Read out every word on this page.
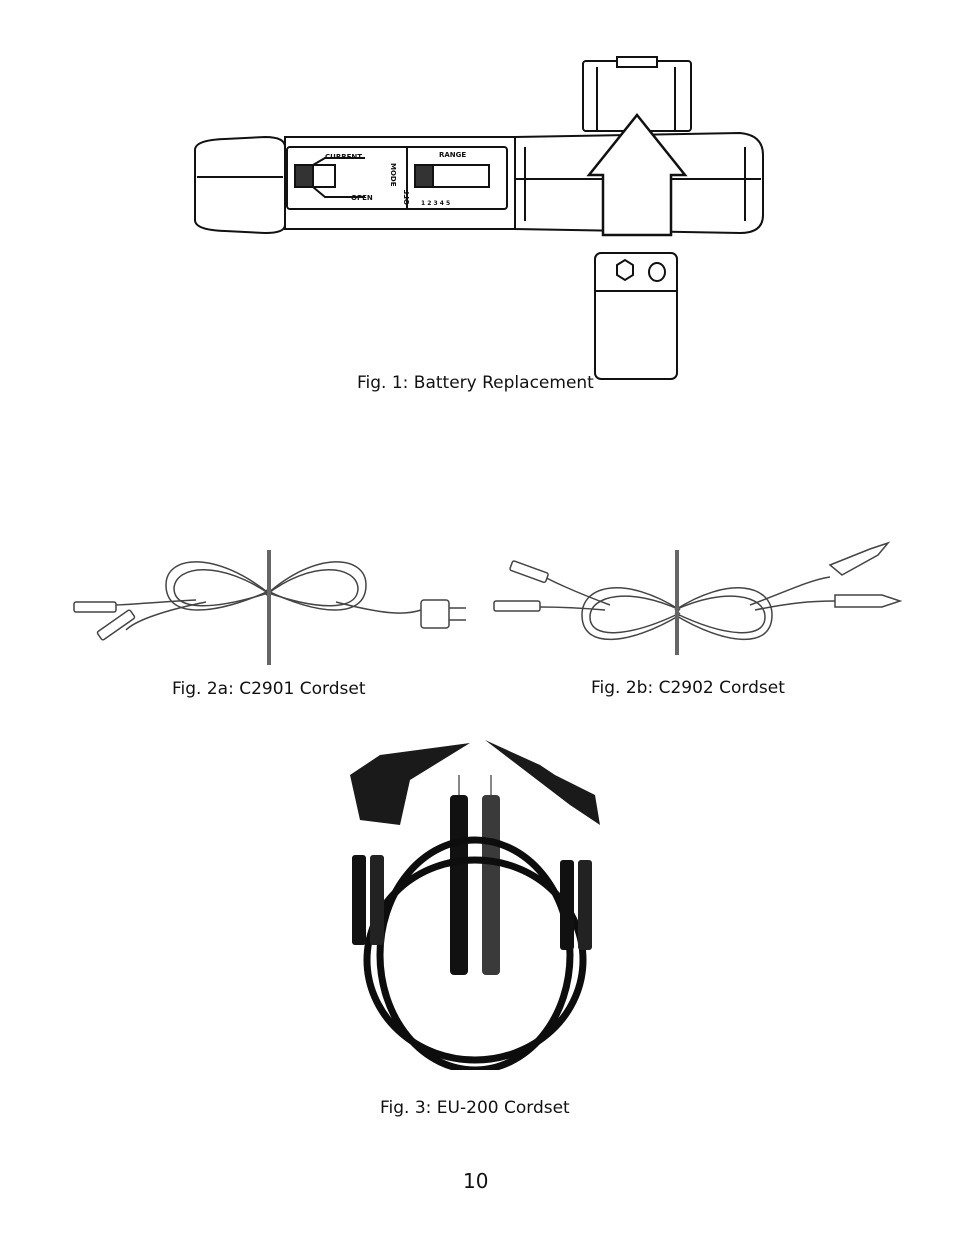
CURRENT
OPEN
MODE
RANGE
OFF 1 2 3 4 5
Fig. 1: Battery Replacement
Fig. 2a: C2901 Cordset	Fig. 2b: C2902 Cordset
Fig. 3: EU-200 Cordset
10
